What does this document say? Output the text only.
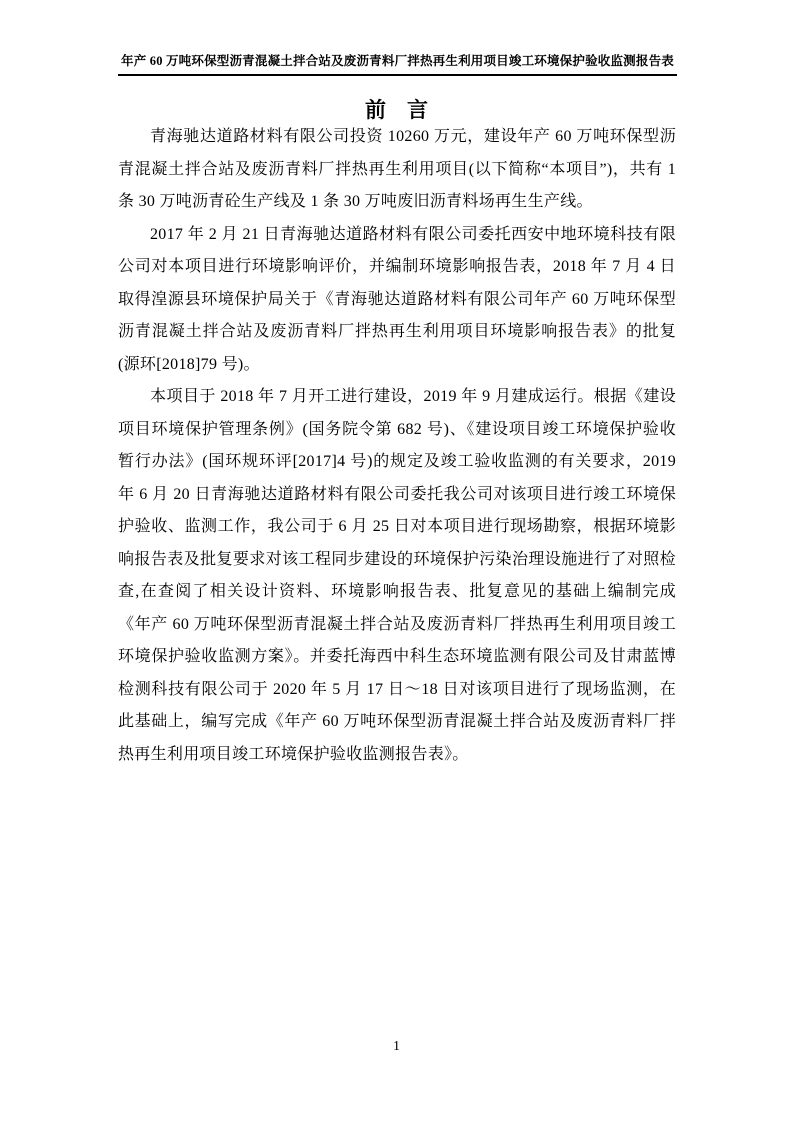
年产 60 万吨环保型沥青混凝土拌合站及废沥青料厂拌热再生利用项目竣工环境保护验收监测报告表
前　言

青海驰达道路材料有限公司投资 10260 万元，建设年产 60 万吨环保型沥青混凝土拌合站及废沥青料厂拌热再生利用项目(以下简称“本项目”)，共有 1 条 30 万吨沥青砼生产线及 1 条 30 万吨废旧沥青料场再生生产线。

2017 年 2 月 21 日青海驰达道路材料有限公司委托西安中地环境科技有限公司对本项目进行环境影响评价，并编制环境影响报告表，2018 年 7 月 4 日取得湟源县环境保护局关于《青海驰达道路材料有限公司年产 60 万吨环保型沥青混凝土拌合站及废沥青料厂拌热再生利用项目环境影响报告表》的批复(源环[2018]79 号)。

本项目于 2018 年 7 月开工进行建设，2019 年 9 月建成运行。根据《建设项目环境保护管理条例》(国务院令第 682 号)、《建设项目竣工环境保护验收暂行办法》(国环规环评[2017]4 号)的规定及竣工验收监测的有关要求，2019 年 6 月 20 日青海驰达道路材料有限公司委托我公司对该项目进行竣工环境保护验收、监测工作，我公司于 6 月 25 日对本项目进行现场勘察，根据环境影响报告表及批复要求对该工程同步建设的环境保护污染治理设施进行了对照检查,在查阅了相关设计资料、环境影响报告表、批复意见的基础上编制完成《年产 60 万吨环保型沥青混凝土拌合站及废沥青料厂拌热再生利用项目竣工环境保护验收监测方案》。并委托海西中科生态环境监测有限公司及甘肃蓝博检测科技有限公司于 2020 年 5 月 17 日～18 日对该项目进行了现场监测，在此基础上，编写完成《年产 60 万吨环保型沥青混凝土拌合站及废沥青料厂拌热再生利用项目竣工环境保护验收监测报告表》。

1
